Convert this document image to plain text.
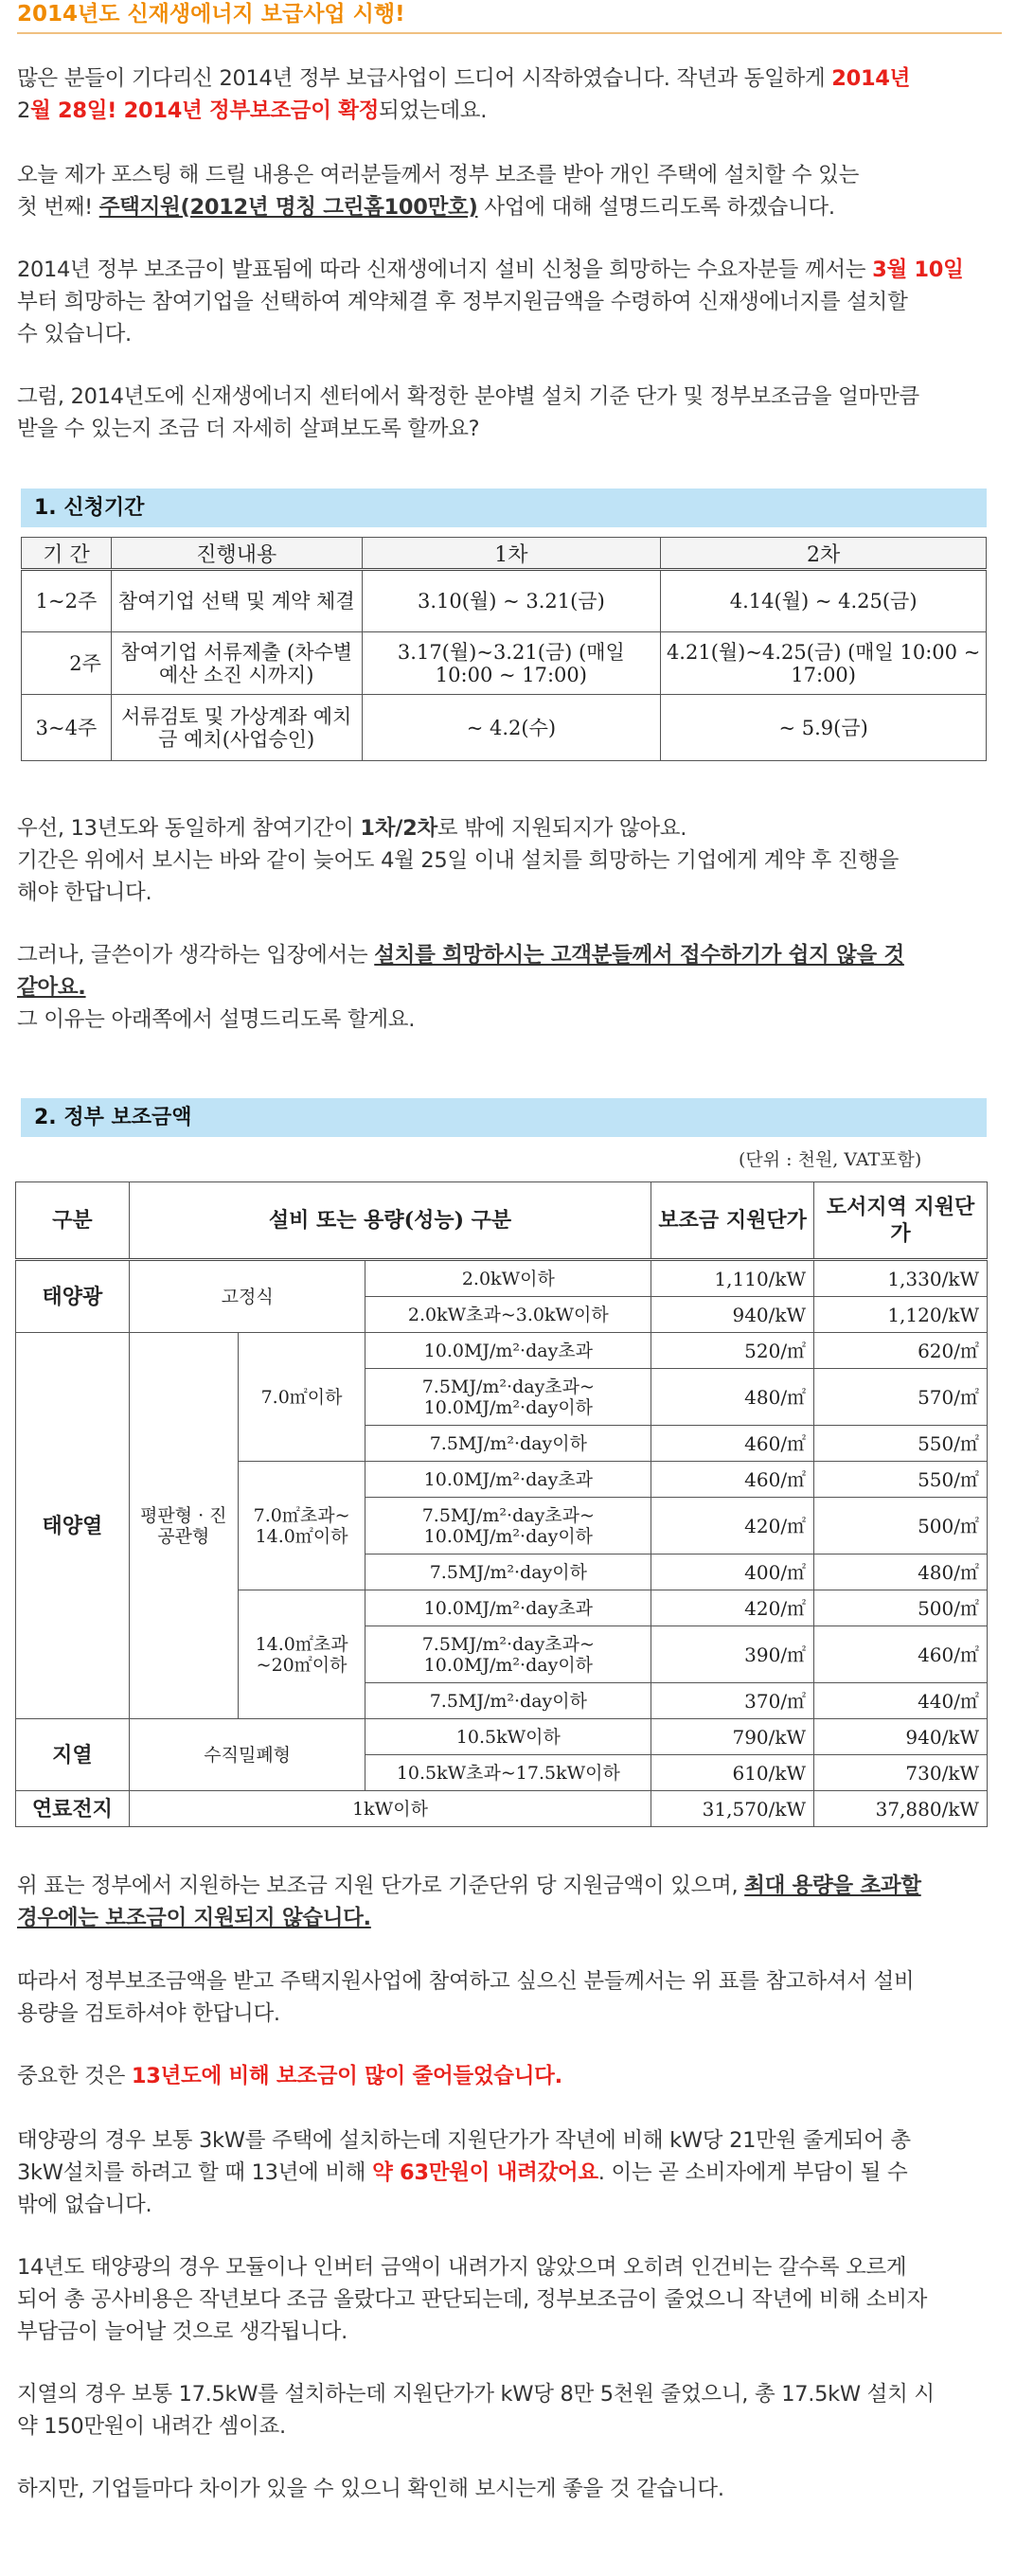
2014년도 신재생에너지 보급사업 시행!

많은 분들이 기다리신 2014년 정부 보급사업이 드디어 시작하였습니다. 작년과 동일하게 2014년
2월 28일! 2014년 정부보조금이 확정되었는데요.

오늘 제가 포스팅 해 드릴 내용은 여러분들께서 정부 보조를 받아 개인 주택에 설치할 수 있는
첫 번째! 주택지원(2012년 명칭 그린홈100만호) 사업에 대해 설명드리도록 하겠습니다.

2014년 정부 보조금이 발표됨에 따라 신재생에너지 설비 신청을 희망하는 수요자분들 께서는 3월 10일
부터 희망하는 참여기업을 선택하여 계약체결 후 정부지원금액을 수령하여 신재생에너지를 설치할
수 있습니다.

그럼, 2014년도에 신재생에너지 센터에서 확정한 분야별 설치 기준 단가 및 정부보조금을 얼마만큼
받을 수 있는지 조금 더 자세히 살펴보도록 할까요?

1. 신청기간
기 간	진행내용	1차	2차
1~2주	참여기업 선택 및 계약 체결	3.10(월) ~ 3.21(금)	4.14(월) ~ 4.25(금)
2주	참여기업 서류제출 (차수별 예산 소진 시까지)	3.17(월)~3.21(금) (매일 10:00 ~ 17:00)	4.21(월)~4.25(금) (매일 10:00 ~ 17:00)
3~4주	서류검토 및 가상계좌 예치금 예치(사업승인)	~ 4.2(수)	~ 5.9(금)

우선, 13년도와 동일하게 참여기간이 1차/2차로 밖에 지원되지가 않아요.
기간은 위에서 보시는 바와 같이 늦어도 4월 25일 이내 설치를 희망하는 기업에게 계약 후 진행을
해야 한답니다.

그러나, 글쓴이가 생각하는 입장에서는 설치를 희망하시는 고객분들께서 접수하기가 쉽지 않을 것
같아요.
그 이유는 아래쪽에서 설명드리도록 할게요.

2. 정부 보조금액
(단위 : 천원, VAT포함)
구분	설비 또는 용량(성능) 구분			보조금 지원단가	도서지역 지원단가
태양광	고정식		2.0kW이하	1,110/kW	1,330/kW
			2.0kW초과~3.0kW이하	940/kW	1,120/kW
태양열	평판형 · 진공관형	7.0㎡이하	10.0MJ/m²·day초과	520/㎡	620/㎡
			7.5MJ/m²·day초과~ 10.0MJ/m²·day이하	480/㎡	570/㎡
			7.5MJ/m²·day이하	460/㎡	550/㎡
		7.0㎡초과~ 14.0㎡이하	10.0MJ/m²·day초과	460/㎡	550/㎡
			7.5MJ/m²·day초과~ 10.0MJ/m²·day이하	420/㎡	500/㎡
			7.5MJ/m²·day이하	400/㎡	480/㎡
		14.0㎡초과 ~20㎡이하	10.0MJ/m²·day초과	420/㎡	500/㎡
			7.5MJ/m²·day초과~ 10.0MJ/m²·day이하	390/㎡	460/㎡
			7.5MJ/m²·day이하	370/㎡	440/㎡
지열	수직밀폐형		10.5kW이하	790/kW	940/kW
			10.5kW초과~17.5kW이하	610/kW	730/kW
연료전지	1kW이하			31,570/kW	37,880/kW

위 표는 정부에서 지원하는 보조금 지원 단가로 기준단위 당 지원금액이 있으며, 최대 용량을 초과할
경우에는 보조금이 지원되지 않습니다.

따라서 정부보조금액을 받고 주택지원사업에 참여하고 싶으신 분들께서는 위 표를 참고하셔서 설비
용량을 검토하셔야 한답니다.

중요한 것은 13년도에 비해 보조금이 많이 줄어들었습니다.

태양광의 경우 보통 3kW를 주택에 설치하는데 지원단가가 작년에 비해 kW당 21만원 줄게되어 총
3kW설치를 하려고 할 때 13년에 비해 약 63만원이 내려갔어요. 이는 곧 소비자에게 부담이 될 수
밖에 없습니다.

14년도 태양광의 경우 모듈이나 인버터 금액이 내려가지 않았으며 오히려 인건비는 갈수록 오르게
되어 총 공사비용은 작년보다 조금 올랐다고 판단되는데, 정부보조금이 줄었으니 작년에 비해 소비자
부담금이 늘어날 것으로 생각됩니다.

지열의 경우 보통 17.5kW를 설치하는데 지원단가가 kW당 8만 5천원 줄었으니, 총 17.5kW 설치 시
약 150만원이 내려간 셈이죠.

하지만, 기업들마다 차이가 있을 수 있으니 확인해 보시는게 좋을 것 같습니다.
